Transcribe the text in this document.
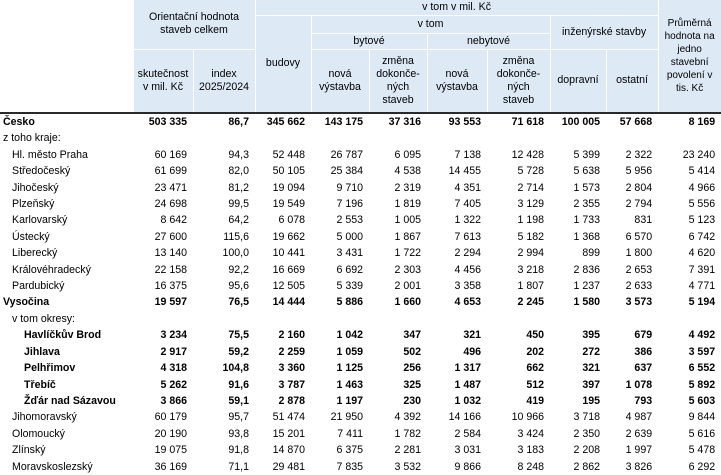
	Orientační hodnota staveb celkem		v tom v mil. Kč							Průměrná hodnota na jedno stavební povolení v tis. Kč
			budovy	v tom				inženýrské stavby		
				bytové		nebytové				
	skutečnost v mil. Kč	index 2025/2024		nová výstavba	změna dokonče-ných staveb	nová výstavba	změna dokonče-ných staveb	dopravní	ostatní	
Česko	503 335	86,7	345 662	143 175	37 316	93 553	71 618	100 005	57 668	8 169
z toho kraje:										
Hl. město Praha	60 169	94,3	52 448	26 787	6 095	7 138	12 428	5 399	2 322	23 240
Středočeský	61 699	82,0	50 105	25 384	4 538	14 455	5 728	5 638	5 956	5 414
Jihočeský	23 471	81,2	19 094	9 710	2 319	4 351	2 714	1 573	2 804	4 966
Plzeňský	24 698	99,5	19 549	7 196	1 819	7 405	3 129	2 355	2 794	5 556
Karlovarský	8 642	64,2	6 078	2 553	1 005	1 322	1 198	1 733	831	5 123
Ústecký	27 600	115,6	19 662	5 000	1 867	7 613	5 182	1 368	6 570	6 742
Liberecký	13 140	100,0	10 441	3 431	1 722	2 294	2 994	899	1 800	4 620
Královéhradecký	22 158	92,2	16 669	6 692	2 303	4 456	3 218	2 836	2 653	7 391
Pardubický	16 375	95,6	12 505	5 339	2 001	3 358	1 807	1 237	2 633	4 771
Vysočina	19 597	76,5	14 444	5 886	1 660	4 653	2 245	1 580	3 573	5 194
v tom okresy:										
Havlíčkův Brod	3 234	75,5	2 160	1 042	347	321	450	395	679	4 492
Jihlava	2 917	59,2	2 259	1 059	502	496	202	272	386	3 597
Pelhřimov	4 318	104,8	3 360	1 125	256	1 317	662	321	637	6 552
Třebíč	5 262	91,6	3 787	1 463	325	1 487	512	397	1 078	5 892
Žďár nad Sázavou	3 866	59,1	2 878	1 197	230	1 032	419	195	793	5 603
Jihomoravský	60 179	95,7	51 474	21 950	4 392	14 166	10 966	3 718	4 987	9 844
Olomoucký	20 190	93,8	15 201	7 411	1 782	2 584	3 424	2 350	2 639	5 616
Zlínský	19 075	91,8	14 870	6 375	2 281	3 031	3 183	2 208	1 997	5 478
Moravskoslezský	36 169	71,1	29 481	7 835	3 532	9 866	8 248	2 862	3 826	6 292
